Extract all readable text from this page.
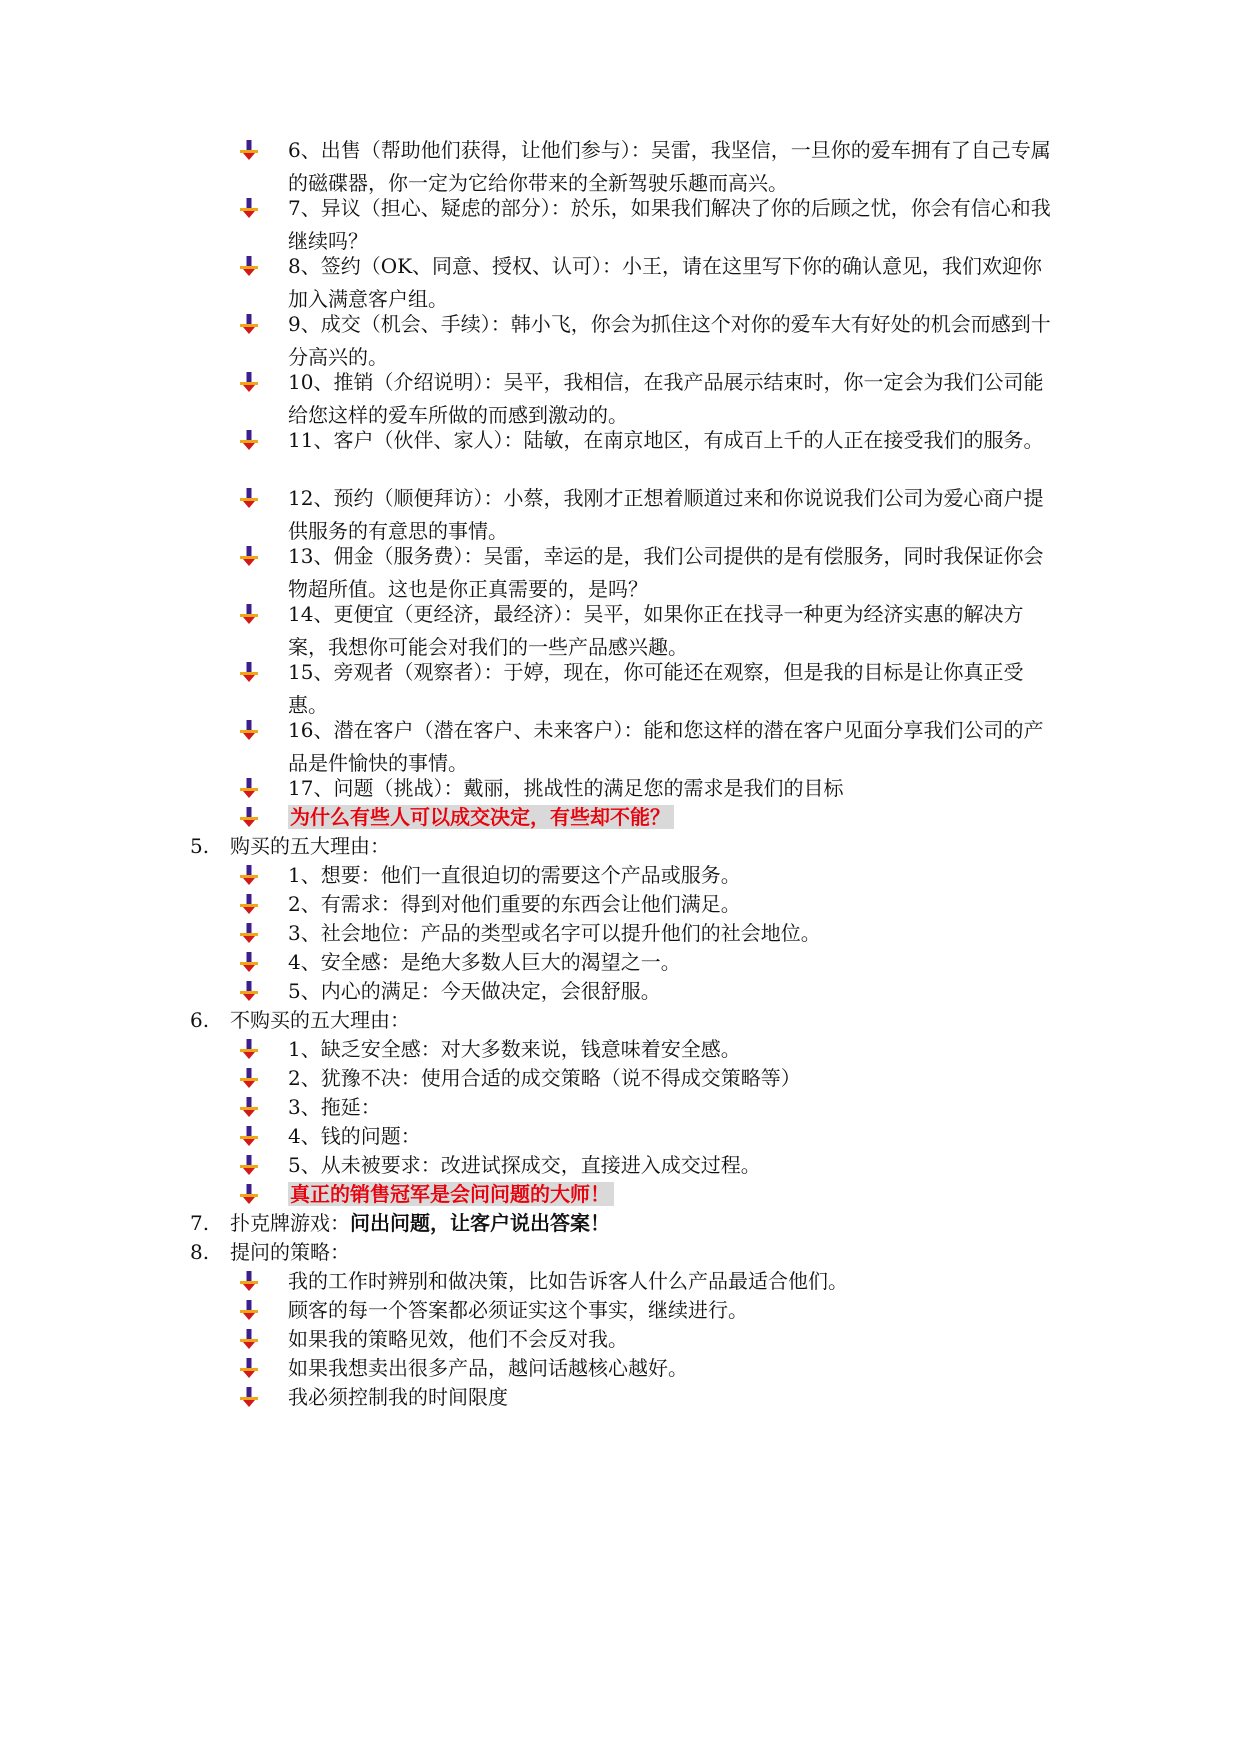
6、出售（帮助他们获得，让他们参与）：吴雷，我坚信，一旦你的爱车拥有了自己专属的磁碟器，你一定为它给你带来的全新驾驶乐趣而高兴。
7、异议（担心、疑虑的部分）：於乐，如果我们解决了你的后顾之忧，你会有信心和我继续吗？
8、签约（OK、同意、授权、认可）：小王，请在这里写下你的确认意见，我们欢迎你加入满意客户组。
9、成交（机会、手续）：韩小飞，你会为抓住这个对你的爱车大有好处的机会而感到十分高兴的。
10、推销（介绍说明）：吴平，我相信，在我产品展示结束时，你一定会为我们公司能给您这样的爱车所做的而感到激动的。
11、客户（伙伴、家人）：陆敏，在南京地区，有成百上千的人正在接受我们的服务。
12、预约（顺便拜访）：小蔡，我刚才正想着顺道过来和你说说我们公司为爱心商户提供服务的有意思的事情。
13、佣金（服务费）：吴雷，幸运的是，我们公司提供的是有偿服务，同时我保证你会物超所值。这也是你正真需要的，是吗？
14、更便宜（更经济，最经济）：吴平，如果你正在找寻一种更为经济实惠的解决方案，我想你可能会对我们的一些产品感兴趣。
15、旁观者（观察者）：于婷，现在，你可能还在观察，但是我的目标是让你真正受惠。
16、潜在客户（潜在客户、未来客户）：能和您这样的潜在客户见面分享我们公司的产品是件愉快的事情。
17、问题（挑战）：戴丽，挑战性的满足您的需求是我们的目标
为什么有些人可以成交决定，有些却不能？
5. 购买的五大理由：
1、想要：他们一直很迫切的需要这个产品或服务。
2、有需求：得到对他们重要的东西会让他们满足。
3、社会地位：产品的类型或名字可以提升他们的社会地位。
4、安全感：是绝大多数人巨大的渴望之一。
5、内心的满足：今天做决定，会很舒服。
6. 不购买的五大理由：
1、缺乏安全感：对大多数来说，钱意味着安全感。
2、犹豫不决：使用合适的成交策略（说不得成交策略等）
3、拖延：
4、钱的问题：
5、从未被要求：改进试探成交，直接进入成交过程。
真正的销售冠军是会问问题的大师！
7. 扑克牌游戏：问出问题，让客户说出答案！
8. 提问的策略：
我的工作时辨别和做决策，比如告诉客人什么产品最适合他们。
顾客的每一个答案都必须证实这个事实，继续进行。
如果我的策略见效，他们不会反对我。
如果我想卖出很多产品，越问话越核心越好。
我必须控制我的时间限度
